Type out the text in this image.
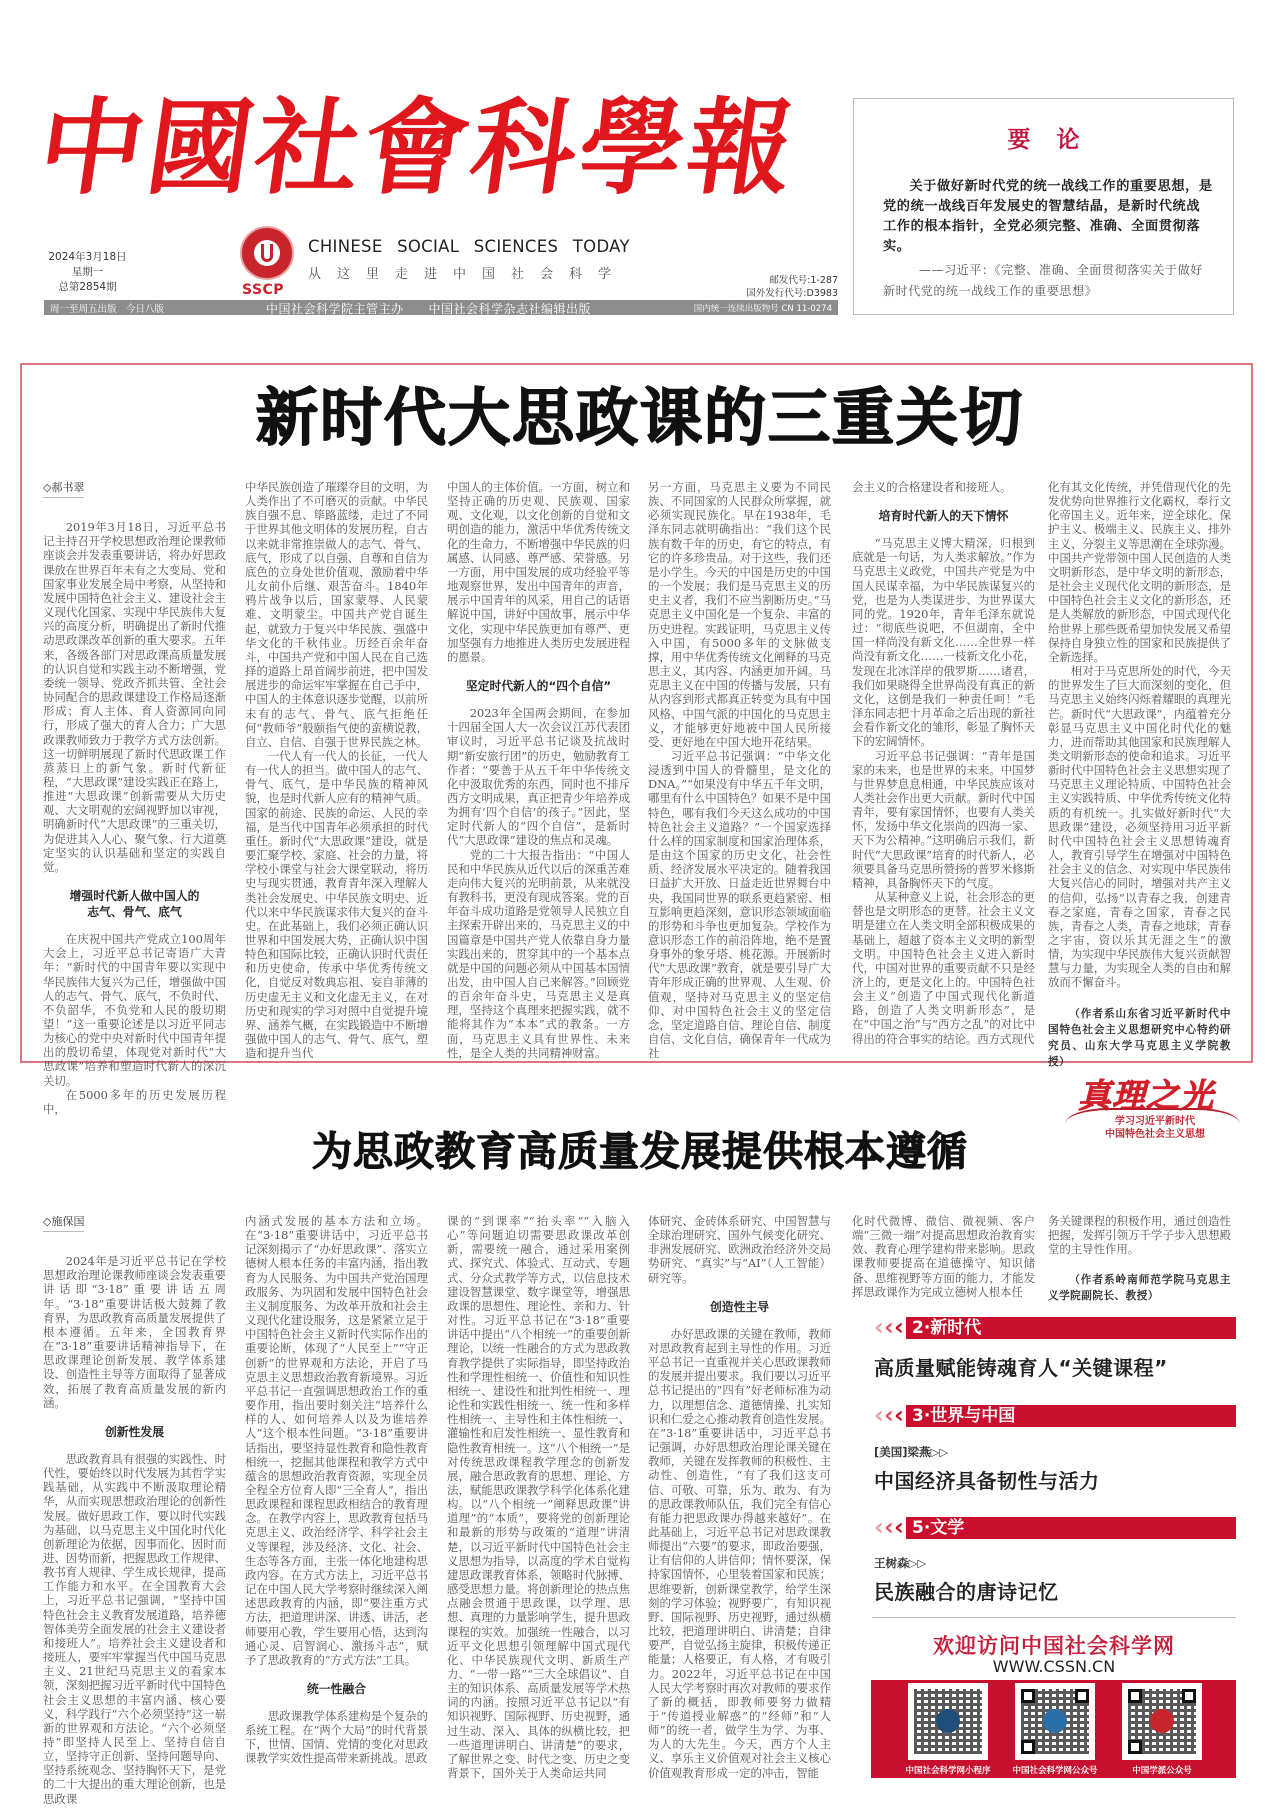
中國社會科學報
2024年3月18日
星期一
总第2854期	SSCP
CHINESE SOCIAL SCIENCES TODAY
从这里走进中国社会科学	邮发代号:1-287
国外发行代号:D3983
周一至周五出版　今日八版	中国社会科学院主管主办　　中国社会科学杂志社编辑出版	国内统一连续出版物号 CN 11-0274
要论
关于做好新时代党的统一战线工作的重要思想，是党的统一战线百年发展史的智慧结晶，是新时代统战工作的根本指针，全党必须完整、准确、全面贯彻落实。
——习近平：《完整、准确、全面贯彻落实关于做好新时代党的统一战线工作的重要思想》
新时代大思政课的三重关切
◇郝书翠

2019年3月18日，习近平总书记主持召开学校思想政治理论课教师座谈会并发表重要讲话，将办好思政课放在世界百年未有之大变局、党和国家事业发展全局中考察，从坚持和发展中国特色社会主义、建设社会主义现代化国家、实现中华民族伟大复兴的高度分析，明确提出了新时代推动思政课改革创新的重大要求。五年来，各级各部门对思政课高质量发展的认识自觉和实践主动不断增强，党委统一领导、党政齐抓共管、全社会协同配合的思政课建设工作格局逐渐形成；育人主体、育人资源同向同行，形成了强大的育人合力；广大思政课教师致力于教学方式方法创新。这一切鲜明展现了新时代思政课工作蒸蒸日上的新气象。新时代新征程，“大思政课”建设实践正在路上，推进“大思政课”创新需要从大历史观、大文明观的宏阔视野加以审视，明确新时代“大思政课”的三重关切，为促进其入人心、聚气象、行大道奠定坚实的认识基础和坚定的实践自觉。

增强时代新人做中国人的
志气、骨气、底气

在庆祝中国共产党成立100周年大会上，习近平总书记寄语广大青年：“新时代的中国青年要以实现中华民族伟大复兴为己任，增强做中国人的志气、骨气、底气，不负时代、不负韶华，不负党和人民的殷切期望！”这一重要论述是以习近平同志为核心的党中央对新时代中国青年提出的殷切希望，体现党对新时代“大思政课”培养和塑造时代新人的深沉关切。

在5000多年的历史发展历程中，

中华民族创造了璀璨夺目的文明，为人类作出了不可磨灭的贡献。中华民族自强不息、筚路蓝缕，走过了不同于世界其他文明体的发展历程，自古以来就非常推崇做人的志气、骨气、底气，形成了以自强、自尊和自信为底色的立身处世价值观，激励着中华儿女前仆后继、艰苦奋斗。1840年鸦片战争以后，国家蒙辱、人民蒙难、文明蒙尘。中国共产党自诞生起，就致力于复兴中华民族、强盛中华文化的千秋伟业。历经百余年奋斗，中国共产党和中国人民在自己选择的道路上昂首阔步前进，把中国发展进步的命运牢牢掌握在自己手中，中国人的主体意识逐步觉醒，以前所未有的志气、骨气、底气拒绝任何“教师爷”般颐指气使的蛮横说教，自立、自信、自强于世界民族之林。

一代人有一代人的长征，一代人有一代人的担当。做中国人的志气、骨气、底气，是中华民族的精神风貌，也是时代新人应有的精神气质。国家的前途、民族的命运、人民的幸福，是当代中国青年必须承担的时代重任。新时代“大思政课”建设，就是要汇聚学校、家庭、社会的力量，将学校小课堂与社会大课堂联动，将历史与现实贯通，教育青年深入理解人类社会发展史、中华民族文明史、近代以来中华民族谋求伟大复兴的奋斗史。在此基础上，我们必须正确认识世界和中国发展大势，正确认识中国特色和国际比较，正确认识时代责任和历史使命，传承中华优秀传统文化，自觉反对数典忘祖、妄自菲薄的历史虚无主义和文化虚无主义，在对历史和现实的学习对照中自觉提升境界、涵养气概，在实践锻造中不断增强做中国人的志气、骨气、底气，塑造和提升当代

中国人的主体价值。一方面，树立和坚持正确的历史观、民族观、国家观、文化观，以文化创新的自觉和文明创造的能力，激活中华优秀传统文化的生命力，不断增强中华民族的归属感、认同感、尊严感、荣誉感。另一方面，用中国发展的成功经验平等地观察世界，发出中国青年的声音，展示中国青年的风采，用自己的话语解说中国，讲好中国故事，展示中华文化，实现中华民族更加有尊严、更加坚强有力地推进人类历史发展进程的愿景。

坚定时代新人的“四个自信”

2023年全国两会期间，在参加十四届全国人大一次会议江苏代表团审议时，习近平总书记谈及抗战时期“新安旅行团”的历史，勉励教育工作者：“要善于从五千年中华传统文化中汲取优秀的东西，同时也不排斥西方文明成果，真正把青少年培养成为拥有‘四个自信’的孩子。”因此，坚定时代新人的“四个自信”，是新时代“大思政课”建设的焦点和灵魂。

党的二十大报告指出：“中国人民和中华民族从近代以后的深重苦难走向伟大复兴的光明前景，从来就没有教科书，更没有现成答案。党的百年奋斗成功道路是党领导人民独立自主探索开辟出来的，马克思主义的中国篇章是中国共产党人依靠自身力量实践出来的，贯穿其中的一个基本点就是中国的问题必须从中国基本国情出发，由中国人自己来解答。”回顾党的百余年奋斗史，马克思主义是真理，坚持这个真理来把握实践，就不能将其作为“本本”式的教条。一方面，马克思主义具有世界性、未来性，是全人类的共同精神财富。

另一方面，马克思主义要为不同民族、不同国家的人民群众所掌握，就必须实现民族化。早在1938年，毛泽东同志就明确指出：“我们这个民族有数千年的历史，有它的特点，有它的许多珍贵品。对于这些，我们还是小学生。今天的中国是历史的中国的一个发展；我们是马克思主义的历史主义者，我们不应当割断历史。”马克思主义中国化是一个复杂、丰富的历史进程。实践证明，马克思主义传入中国，有5000多年的文脉做支撑，用中华优秀传统文化阐释的马克思主义，其内容、内涵更加开阔。马克思主义在中国的传播与发展，只有从内容到形式都真正转变为具有中国风格、中国气派的中国化的马克思主义，才能够更好地被中国人民所接受、更好地在中国大地开花结果。

习近平总书记强调：“中华文化浸透到中国人的骨髓里，是文化的DNA。”“如果没有中华五千年文明，哪里有什么中国特色？如果不是中国特色，哪有我们今天这么成功的中国特色社会主义道路？”一个国家选择什么样的国家制度和国家治理体系，是由这个国家的历史文化、社会性质、经济发展水平决定的。随着我国日益扩大开放、日益走近世界舞台中央，我国同世界的联系更趋紧密、相互影响更趋深刻，意识形态领域面临的形势和斗争也更加复杂。学校作为意识形态工作的前沿阵地，绝不是置身事外的象牙塔、桃花源。开展新时代“大思政课”教育，就是要引导广大青年形成正确的世界观、人生观、价值观，坚持对马克思主义的坚定信仰、对中国特色社会主义的坚定信念，坚定道路自信、理论自信、制度自信、文化自信，确保青年一代成为社

会主义的合格建设者和接班人。

培育时代新人的天下情怀

“马克思主义博大精深，归根到底就是一句话，为人类求解放。”作为马克思主义政党，中国共产党是为中国人民谋幸福，为中华民族谋复兴的党，也是为人类谋进步、为世界谋大同的党。1920年，青年毛泽东就说过：“彻底些说吧，不但湖南，全中国一样尚没有新文化……全世界一样尚没有新文化……一枝新文化小花，发现在北冰洋岸的俄罗斯……诸君，我们如果晓得全世界尚没有真正的新文化，这倒是我们一种责任呵！”毛泽东同志把十月革命之后出现的新社会看作新文化的雏形，彰显了胸怀天下的宏阔情怀。

习近平总书记强调：“青年是国家的未来，也是世界的未来。中国梦与世界梦息息相通，中华民族应该对人类社会作出更大贡献。新时代中国青年，要有家国情怀，也要有人类关怀，发扬中华文化崇尚的四海一家、天下为公精神。”这明确启示我们，新时代“大思政课”培育的时代新人，必须要具备马克思所赞扬的普罗米修斯精神，具备胸怀天下的气度。

从某种意义上说，社会形态的更替也是文明形态的更替。社会主义文明是建立在人类文明全部积极成果的基础上，超越了资本主义文明的新型文明。中国特色社会主义进入新时代，中国对世界的重要贡献不只是经济上的，更是文化上的。中国特色社会主义“创造了中国式现代化新道路，创造了人类文明新形态”，是在“中国之治”与“西方之乱”的对比中得出的符合事实的结论。西方式现代

化有其文化传统，并凭借现代化的先发优势向世界推行文化霸权，奉行文化帝国主义。近年来，逆全球化、保护主义、极端主义、民族主义、排外主义、分裂主义等思潮在全球弥漫。中国共产党带领中国人民创造的人类文明新形态，是中华文明的新形态，是社会主义现代化文明的新形态，是中国特色社会主义文化的新形态，还是人类解放的新形态，中国式现代化给世界上那些既希望加快发展又希望保持自身独立性的国家和民族提供了全新选择。

相对于马克思所处的时代，今天的世界发生了巨大而深刻的变化，但马克思主义始终闪烁着耀眼的真理光芒。新时代“大思政课”，内蕴着充分彰显马克思主义中国化时代化的魅力，进而帮助其他国家和民族理解人类文明新形态的使命和追求。习近平新时代中国特色社会主义思想实现了马克思主义理论特质、中国特色社会主义实践特质、中华优秀传统文化特质的有机统一。扎实做好新时代“大思政课”建设，必须坚持用习近平新时代中国特色社会主义思想铸魂育人，教育引导学生在增强对中国特色社会主义的信念、对实现中华民族伟大复兴信心的同时，增强对共产主义的信仰，弘扬“以青春之我，创建青春之家庭，青春之国家，青春之民族，青春之人类，青春之地球，青春之宇宙，资以乐其无涯之生”的激情，为实现中华民族伟大复兴贡献智慧与力量，为实现全人类的自由和解放而不懈奋斗。

（作者系山东省习近平新时代中国特色社会主义思想研究中心特约研究员、山东大学马克思主义学院教授）

真理之光
学习习近平新时代
中国特色社会主义思想
为思政教育高质量发展提供根本遵循
◇施保国

2024年是习近平总书记在学校思想政治理论课教师座谈会发表重要讲话即“3·18”重要讲话五周年。“3·18”重要讲话极大鼓舞了教育界，为思政教育高质量发展提供了根本遵循。五年来，全国教育界在“3·18”重要讲话精神指导下，在思政课理论创新发展、教学体系建设、创造性主导等方面取得了显著成效，拓展了教育高质量发展的新内涵。

创新性发展

思政教育具有很强的实践性、时代性，要始终以时代发展为其哲学实践基础，从实践中不断汲取理论精华，从而实现思想政治理论的创新性发展。做好思政工作，要以时代实践为基础，以马克思主义中国化时代化创新理论为依据，因事而化、因时而进、因势而新，把握思政工作规律、教书育人规律、学生成长规律，提高工作能力和水平。在全国教育大会上，习近平总书记强调，“坚持中国特色社会主义教育发展道路，培养德智体美劳全面发展的社会主义建设者和接班人”。培养社会主义建设者和接班人，要牢牢掌握当代中国马克思主义、21世纪马克思主义的看家本领，深刻把握习近平新时代中国特色社会主义思想的丰富内涵、核心要义，科学践行“六个必须坚持”这一崭新的世界观和方法论。“六个必须坚持”即坚持人民至上、坚持自信自立，坚持守正创新、坚持问题导向、坚持系统观念、坚持胸怀天下，是党的二十大提出的重大理论创新，也是思政课

内涵式发展的基本方法和立场。在“3·18”重要讲话中，习近平总书记深刻揭示了“办好思政课”、落实立德树人根本任务的丰富内涵，指出教育为人民服务、为中国共产党治国理政服务、为巩固和发展中国特色社会主义制度服务、为改革开放和社会主义现代化建设服务，这是紧紧立足于中国特色社会主义新时代实际作出的重要论断，体现了“人民至上”“守正创新”的世界观和方法论，开启了马克思主义思想政治教育新境界。习近平总书记一直强调思想政治工作的重要作用，指出要时刻关注“培养什么样的人、如何培养人以及为谁培养人”这个根本性问题。“3·18”重要讲话指出，要坚持显性教育和隐性教育相统一，挖掘其他课程和教学方式中蕴含的思想政治教育资源，实现全员全程全方位育人即“三全育人”，指出思政课程和课程思政相结合的教育理念。在教学内容上，思政教育包括马克思主义、政治经济学、科学社会主义等课程，涉及经济、文化、社会、生态等各方面，主张一体化地建构思政内容。在方式方法上，习近平总书记在中国人民大学考察时继续深入阐述思政教育的内涵，即“要注重方式方法，把道理讲深、讲透、讲活，老师要用心教，学生要用心悟，达到沟通心灵、启智润心、激扬斗志”，赋予了思政教育的“方式方法”工具。

统一性融合

思政课教学体系建构是个复杂的系统工程。在“两个大局”的时代背景下，世情、国情、党情的变化对思政课教学实效性提高带来新挑战。思政

课的“到课率”“抬头率”“入脑入心”等问题迫切需要思政课改革创新，需要统一融合，通过采用案例式、探究式、体验式、互动式、专题式、分众式教学等方式，以信息技术建设智慧课堂、数字课堂等，增强思政课的思想性、理论性、亲和力、针对性。习近平总书记在“3·18”重要讲话中提出“八个相统一”的重要创新理论，以统一性融合的方式为思政教育教学提供了实际指导，即坚持政治性和学理性相统一、价值性和知识性相统一、建设性和批判性相统一、理论性和实践性相统一、统一性和多样性相统一、主导性和主体性相统一、灌输性和启发性相统一、显性教育和隐性教育相统一。这“八个相统一”是对传统思政课程教学理念的创新发展，融合思政教育的思想、理论、方法，赋能思政课教学科学化体系化建构。以“八个相统一”阐释思政课“讲道理”的“本质”，要将党的创新理论和最新的形势与政策的“道理”讲清楚，以习近平新时代中国特色社会主义思想为指导，以高度的学术自觉构建思政课教育体系，领略时代脉搏、感受思想力量。将创新理论的热点焦点融会贯通于思政课，以学理、思想、真理的力量影响学生，提升思政课程的实效。加强统一性融合，以习近平文化思想引领理解中国式现代化、中华民族现代文明、新质生产力、“一带一路”“三大全球倡议”、自主的知识体系、高质量发展等学术热词的内涵。按照习近平总书记以“有知识视野、国际视野、历史视野，通过生动、深入、具体的纵横比较，把一些道理讲明白、讲清楚”的要求，了解世界之变、时代之变、历史之变背景下，国外关于人类命运共同

体研究、金砖体系研究、中国智慧与全球治理研究、国外气候变化研究、非洲发展研究、欧洲政治经济外交局势研究、“真实”与“AI”（人工智能）研究等。

创造性主导

办好思政课的关键在教师，教师对思政教育起到主导性的作用。习近平总书记一直重视并关心思政课教师的发展并提出要求。我们要以习近平总书记提出的“四有”好老师标准为动力，以理想信念、道德情操、扎实知识和仁爱之心推动教育创造性发展。在“3·18”重要讲话中，习近平总书记强调，办好思想政治理论课关键在教师，关键在发挥教师的积极性、主动性、创造性，“有了我们这支可信、可敬、可靠，乐为、敢为、有为的思政课教师队伍，我们完全有信心有能力把思政课办得越来越好”。在此基础上，习近平总书记对思政课教师提出“六要”的要求，即政治要强，让有信仰的人讲信仰；情怀要深，保持家国情怀，心里装着国家和民族；思维要新，创新课堂教学，给学生深刻的学习体验；视野要广，有知识视野、国际视野、历史视野，通过纵横比较，把道理讲明白、讲清楚；自律要严，自觉弘扬主旋律，积极传递正能量；人格要正，有人格，才有吸引力。2022年，习近平总书记在中国人民大学考察时再次对教师的要求作了新的概括，即教师要努力做精于“传道授业解惑”的“经师”和“人师”的统一者，做学生为学、为事、为人的大先生。今天，西方个人主义、享乐主义价值观对社会主义核心价值观教育形成一定的冲击，智能

化时代微博、微信、微视频、客户端“三微一端”对提高思想政治教育实效、教育心理学建构带来影响。思政课教师要提高在道德操守、知识储备、思维视野等方面的能力，才能发挥思政课作为完成立德树人根本任

务关键课程的积极作用，通过创造性把握，发挥引领万千学子步入思想殿堂的主导性作用。

（作者系岭南师范学院马克思主义学院副院长、教授）

‹ ‹ ‹ 2·新时代
高质量赋能铸魂育人“关键课程”
‹ ‹ ‹ 3·世界与中国
[美国]梁燕▷▷
中国经济具备韧性与活力
‹ ‹ ‹ 5·文学
王树森▷▷
民族融合的唐诗记忆
欢迎访问中国社会科学网
WWW.CSSN.CN
中国社会科学网小程序	中国社会科学网公众号	中国学派公众号
